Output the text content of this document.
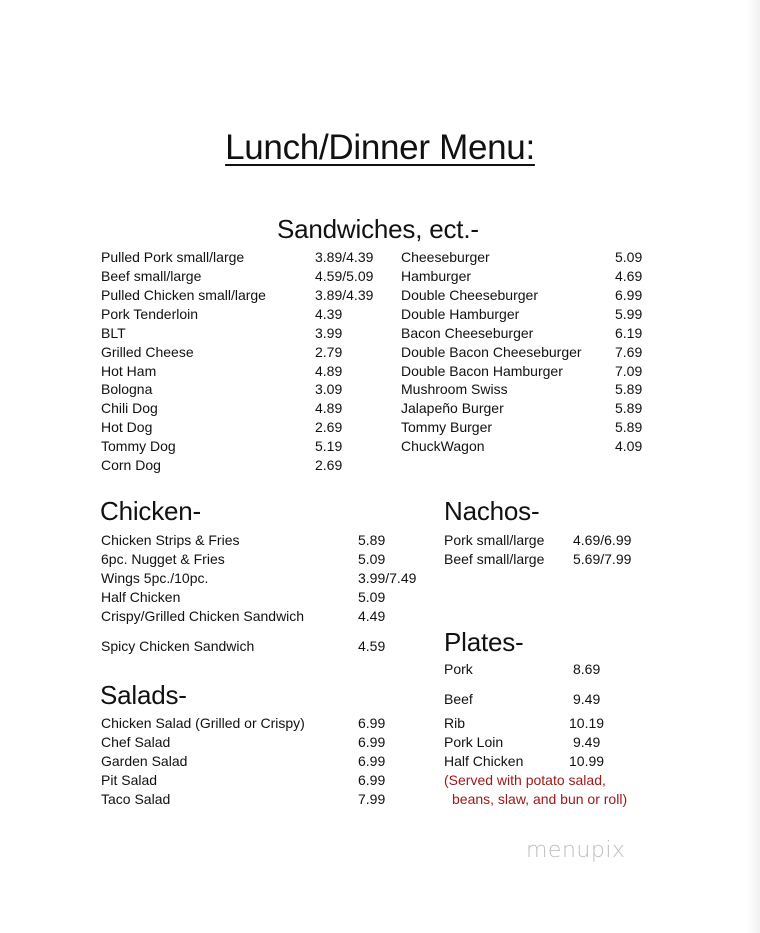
Lunch/Dinner Menu:
Sandwiches, ect.-
Pulled Pork small/large	3.89/4.39
Beef small/large	4.59/5.09
Pulled Chicken small/large	3.89/4.39
Pork Tenderloin	4.39
BLT	3.99
Grilled Cheese	2.79
Hot Ham	4.89
Bologna	3.09
Chili Dog	4.89
Hot Dog	2.69
Tommy Dog	5.19
Corn Dog	2.69
Cheeseburger	5.09
Hamburger	4.69
Double Cheeseburger	6.99
Double Hamburger	5.99
Bacon Cheeseburger	6.19
Double Bacon Cheeseburger 7.69
Double Bacon Hamburger	7.09
Mushroom Swiss	5.89
Jalapeño Burger	5.89
Tommy Burger	5.89
ChuckWagon	4.09
Chicken-
Chicken Strips & Fries	5.89
6pc. Nugget & Fries	5.09
Wings 5pc./10pc.	3.99/7.49
Half Chicken	5.09
Crispy/Grilled Chicken Sandwich	4.49
Spicy Chicken Sandwich	4.59
Salads-
Chicken Salad (Grilled or Crispy)	6.99
Chef Salad	6.99
Garden Salad	6.99
Pit Salad	6.99
Taco Salad	7.99
Nachos-
Pork small/large 4.69/6.99
Beef small/large 5.69/7.99
Plates-
Pork	8.69
Beef	9.49
Rib	10.19
Pork Loin	9.49
Half Chicken	10.99
(Served with potato salad,
beans, slaw, and bun or roll)
menupix
